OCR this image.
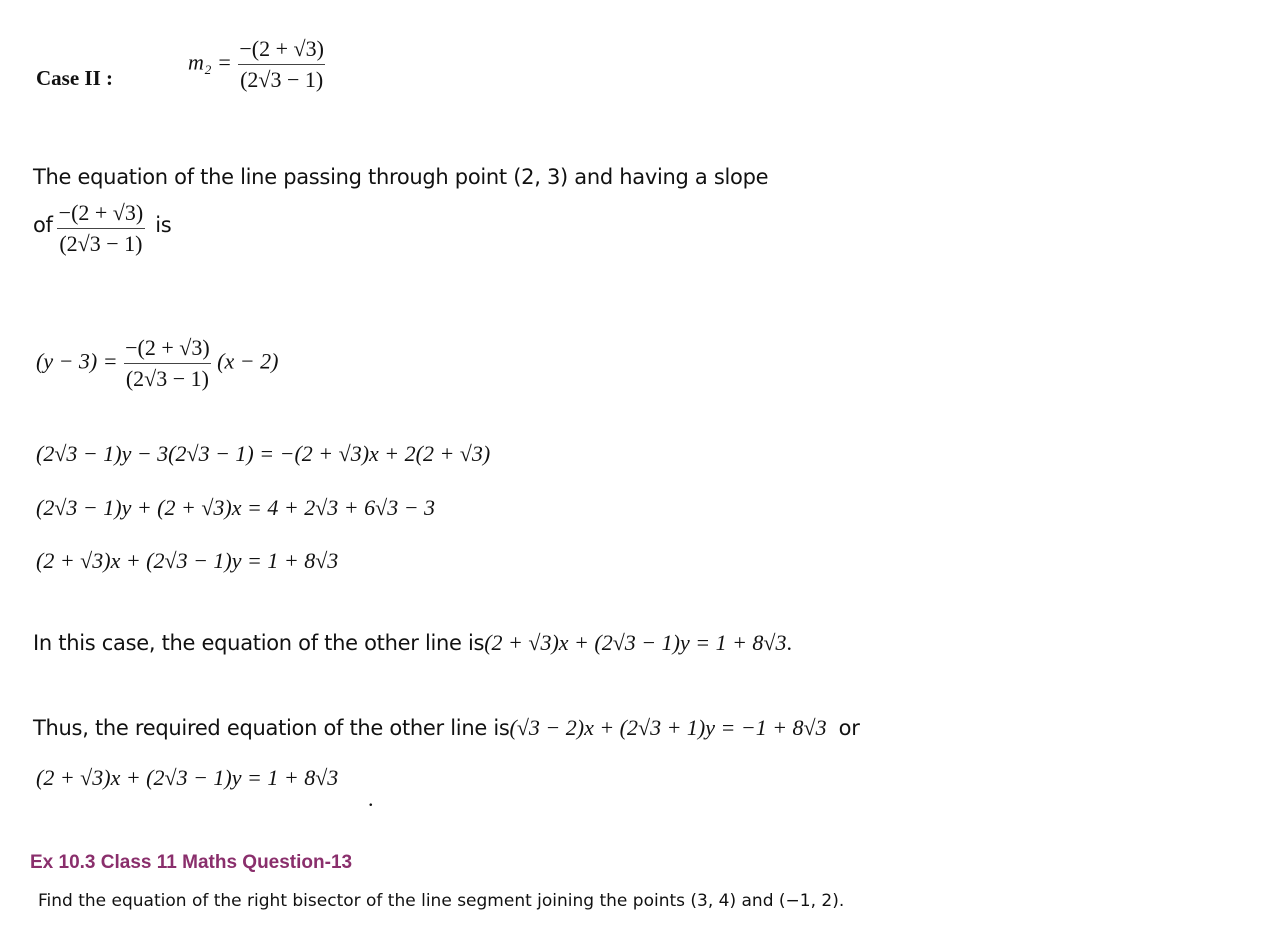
Case II :
$m_2 = \frac{-(2 + √3)}{(2√3 - 1)}$
The equation of the line passing through point (2, 3) and having a slope
of $\frac{-(2 + √3)}{(2√3 - 1)}$ is
$(y - 3) = \frac{-(2 + √3)}{(2√3 - 1)} (x - 2)$
(2√3 − 1)y − 3(2√3 − 1) = −(2 + √3)x + 2(2 + √3)
(2√3 − 1)y + (2 + √3)x = 4 + 2√3 + 6√3 − 3
(2 + √3)x + (2√3 − 1)y = 1 + 8√3
In this case, the equation of the other line is(2 + √3)x + (2√3 − 1)y = 1 + 8√3.
Thus, the required equation of the other line is(√3 − 2)x + (2√3 + 1)y = −1 + 8√3 or
(2 + √3)x + (2√3 − 1)y = 1 + 8√3
.
Ex 10.3 Class 11 Maths Question-13
Find the equation of the right bisector of the line segment joining the points (3, 4) and (−1, 2).
